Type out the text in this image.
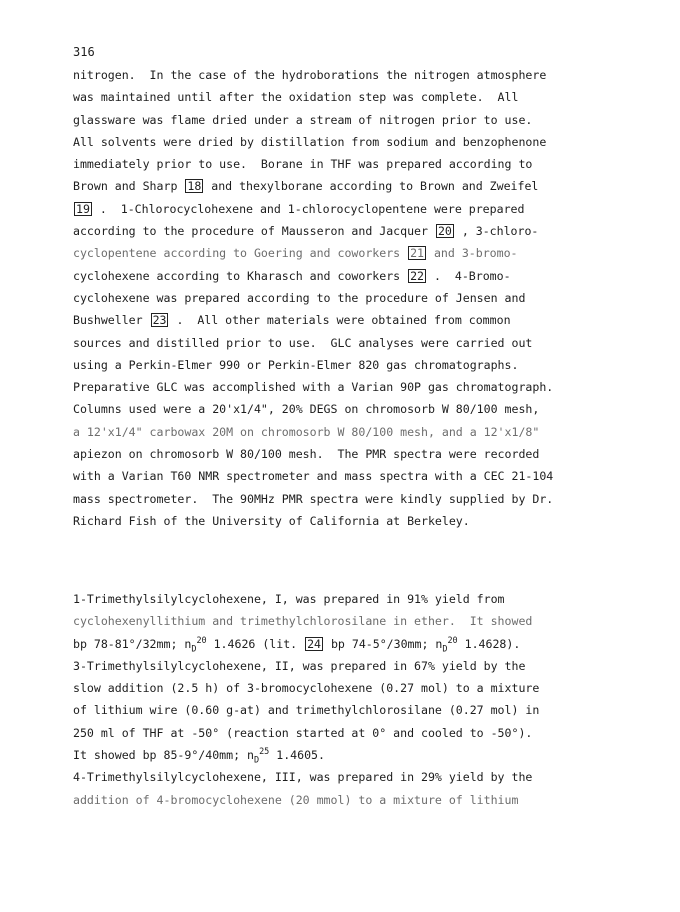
316
nitrogen.  In the case of the hydroborations the nitrogen atmosphere
was maintained until after the oxidation step was complete.  All
glassware was flame dried under a stream of nitrogen prior to use.
All solvents were dried by distillation from sodium and benzophenone
immediately prior to use.  Borane in THF was prepared according to
Brown and Sharp 18 and thexylborane according to Brown and Zweifel
19 .  1-Chlorocyclohexene and 1-chlorocyclopentene were prepared
according to the procedure of Mausseron and Jacquer 20 , 3-chloro-
cyclopentene according to Goering and coworkers 21 and 3-bromo-
cyclohexene according to Kharasch and coworkers 22 .  4-Bromo-
cyclohexene was prepared according to the procedure of Jensen and
Bushweller 23 .  All other materials were obtained from common
sources and distilled prior to use.  GLC analyses were carried out
using a Perkin-Elmer 990 or Perkin-Elmer 820 gas chromatographs.
Preparative GLC was accomplished with a Varian 90P gas chromatograph.
Columns used were a 20'x1/4", 20% DEGS on chromosorb W 80/100 mesh,
a 12'x1/4" carbowax 20M on chromosorb W 80/100 mesh, and a 12'x1/8"
apiezon on chromosorb W 80/100 mesh.  The PMR spectra were recorded
with a Varian T60 NMR spectrometer and mass spectra with a CEC 21-104
mass spectrometer.  The 90MHz PMR spectra were kindly supplied by Dr.
Richard Fish of the University of California at Berkeley.
1-Trimethylsilylcyclohexene, I, was prepared in 91% yield from
cyclohexenyllithium and trimethylchlorosilane in ether.  It showed
bp 78-81°/32mm; $n_D^{20}$ 1.4626 (lit. 24 bp 74-5°/30mm; $n_D^{20}$ 1.4628).
3-Trimethylsilylcyclohexene, II, was prepared in 67% yield by the
slow addition (2.5 h) of 3-bromocyclohexene (0.27 mol) to a mixture
of lithium wire (0.60 g-at) and trimethylchlorosilane (0.27 mol) in
250 ml of THF at -50° (reaction started at 0° and cooled to -50°).
It showed bp 85-9°/40mm; $n_D^{25}$ 1.4605.
4-Trimethylsilylcyclohexene, III, was prepared in 29% yield by the
addition of 4-bromocyclohexene (20 mmol) to a mixture of lithium
